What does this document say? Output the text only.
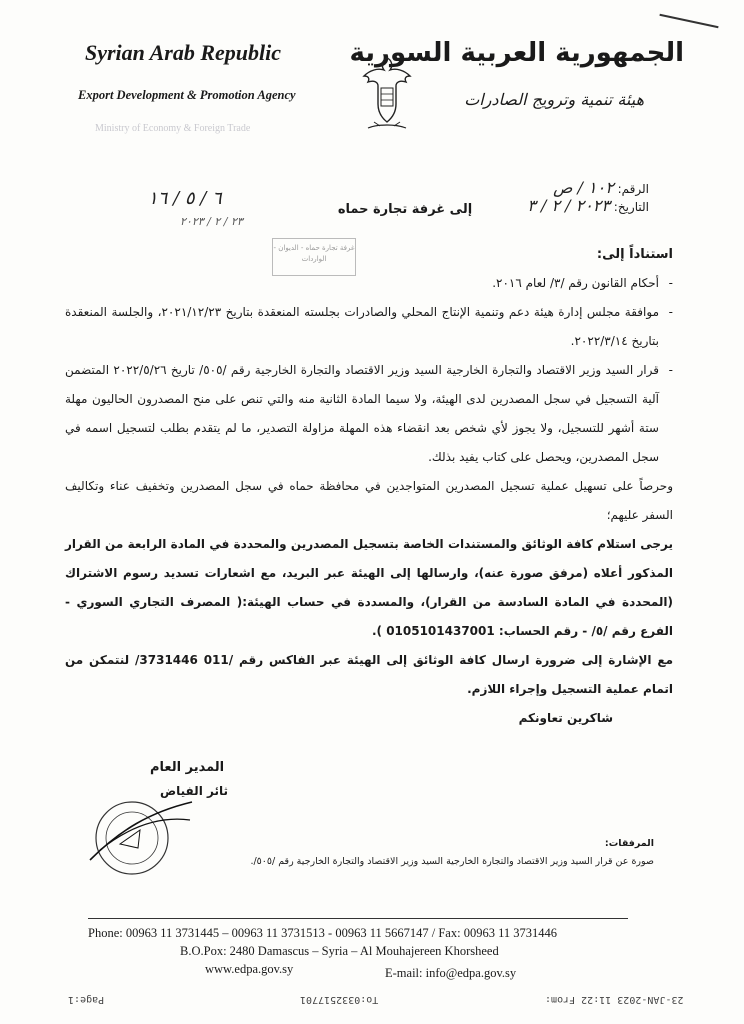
Syrian Arab Republic
Export Development & Promotion Agency
الجمهورية العربية السورية
هيئة تنمية وترويج الصادرات
Ministry of Economy & Foreign Trade
الرقم: ١٠٢ / ص
التاريخ: ٢٠٢٣ / ٢ / ٣
٦ / ٥ / ١٦
٢٣ / ٢ / ٢٠٢٣
غرفة تجارة حماه - الديوان - الواردات
إلى غرفة تجارة حماه

استناداً إلى:

- أحكام القانون رقم /٣/ لعام ٢٠١٦.
- موافقة مجلس إدارة هيئة دعم وتنمية الإنتاج المحلي والصادرات بجلسته المنعقدة بتاريخ ٢٠٢١/١٢/٢٣، والجلسة المنعقدة بتاريخ ٢٠٢٢/٣/١٤.
- قرار السيد وزير الاقتصاد والتجارة الخارجية السيد وزير الاقتصاد والتجارة الخارجية رقم /٥٠٥/ تاريخ ٢٠٢٢/٥/٢٦ المتضمن آلية التسجيل في سجل المصدرين لدى الهيئة، ولا سيما المادة الثانية منه والتي تنص على منح المصدرون الحاليون مهلة ستة أشهر للتسجيل، ولا يجوز لأي شخص بعد انقضاء هذه المهلة مزاولة التصدير، ما لم يتقدم بطلب لتسجيل اسمه في سجل المصدرين، ويحصل على كتاب يفيد بذلك.

وحرصاً على تسهيل عملية تسجيل المصدرين المتواجدين في محافظة حماه في سجل المصدرين وتخفيف عناء وتكاليف السفر عليهم؛

يرجى استلام كافة الوثائق والمستندات الخاصة بتسجيل المصدرين والمحددة في المادة الرابعة من القرار المذكور أعلاه (مرفق صورة عنه)، وارسالها إلى الهيئة عبر البريد، مع اشعارات تسديد رسوم الاشتراك (المحددة في المادة السادسة من القرار)، والمسددة في حساب الهيئة:( المصرف التجاري السوري - الفرع رقم /٥/ - رقم الحساب: 0105101437001 ).

مع الإشارة إلى ضرورة ارسال كافة الوثائق إلى الهيئة عبر الفاكس رقم /011 3731446/ لنتمكن من اتمام عملية التسجيل وإجراء اللازم.

شاكرين تعاونكم

المدير العام
ثائر الفياض
المرفقات:
صورة عن قرار السيد وزير الاقتصاد والتجارة الخارجية السيد وزير الاقتصاد والتجارة الخارجية رقم /٥٠٥/.
Phone: 00963 11 3731445 – 00963 11 3731513 - 00963 11 5667147 / Fax: 00963 11 3731446
B.O.Pox: 2480 Damascus – Syria – Al Mouhajereen Khorsheed
www.edpa.gov.sy	E-mail: info@edpa.gov.sy
Page:1	To:0332517701	23-JAN-2023 11:22 From:
